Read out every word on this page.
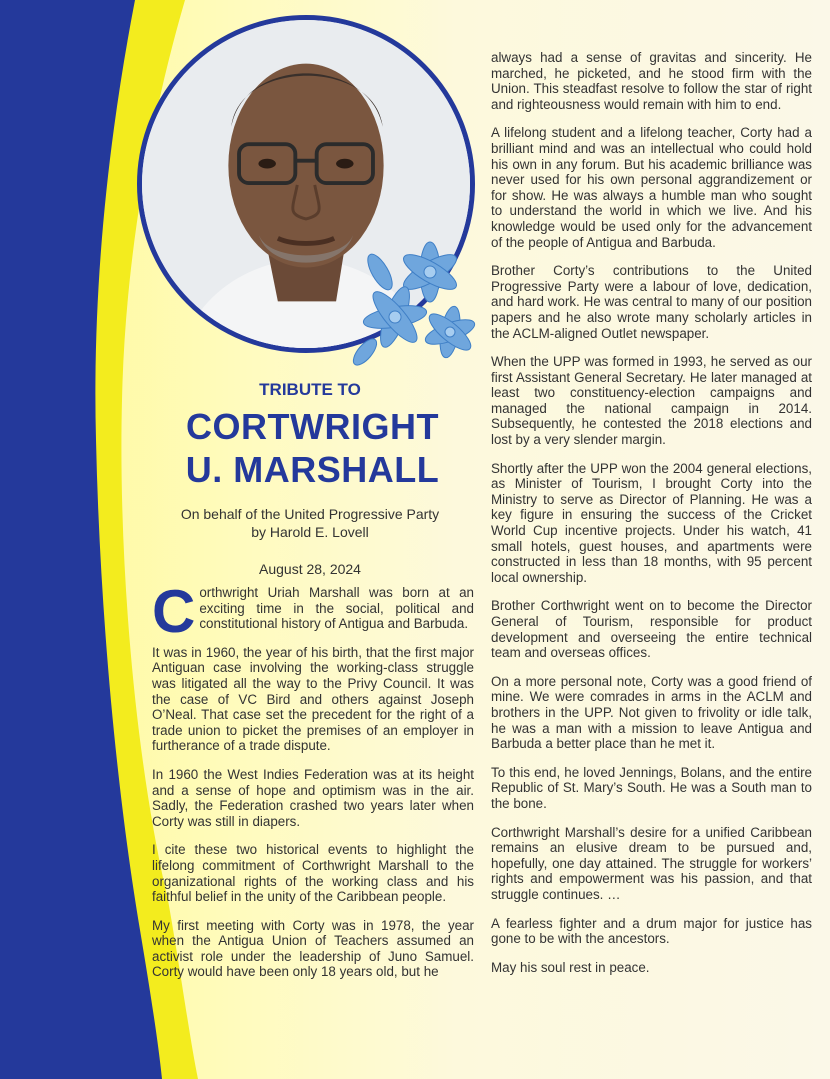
TRIBUTE TO
CORTWRIGHT
U. MARSHALL
On behalf of the United Progressive Party
by Harold E. Lovell
August 28, 2024

Corthwright Uriah Marshall was born at an exciting time in the social, political and constitutional history of Antigua and Barbuda.

It was in 1960, the year of his birth, that the first major Antiguan case involving the working-class struggle was litigated all the way to the Privy Council. It was the case of VC Bird and others against Joseph O’Neal. That case set the precedent for the right of a trade union to picket the premises of an employer in furtherance of a trade dispute.

In 1960 the West Indies Federation was at its height and a sense of hope and optimism was in the air. Sadly, the Federation crashed two years later when Corty was still in diapers.

I cite these two historical events to highlight the lifelong commitment of Corthwright Marshall to the organizational rights of the working class and his faithful belief in the unity of the Caribbean people.

My first meeting with Corty was in 1978, the year when the Antigua Union of Teachers assumed an activist role under the leadership of Juno Samuel. Corty would have been only 18 years old, but he

always had a sense of gravitas and sincerity. He marched, he picketed, and he stood firm with the Union. This steadfast resolve to follow the star of right and righteousness would remain with him to end.

A lifelong student and a lifelong teacher, Corty had a brilliant mind and was an intellectual who could hold his own in any forum. But his academic brilliance was never used for his own personal aggrandizement or for show. He was always a humble man who sought to understand the world in which we live. And his knowledge would be used only for the advancement of the people of Antigua and Barbuda.

Brother Corty’s contributions to the United Progressive Party were a labour of love, dedication, and hard work. He was central to many of our position papers and he also wrote many scholarly articles in the ACLM-aligned Outlet newspaper.

When the UPP was formed in 1993, he served as our first Assistant General Secretary. He later managed at least two constituency-election campaigns and managed the national campaign in 2014. Subsequently, he contested the 2018 elections and lost by a very slender margin.

Shortly after the UPP won the 2004 general elections, as Minister of Tourism, I brought Corty into the Ministry to serve as Director of Planning. He was a key figure in ensuring the success of the Cricket World Cup incentive projects. Under his watch, 41 small hotels, guest houses, and apartments were constructed in less than 18 months, with 95 percent local ownership.

Brother Corthwright went on to become the Director General of Tourism, responsible for product development and overseeing the entire technical team and overseas offices.

On a more personal note, Corty was a good friend of mine. We were comrades in arms in the ACLM and brothers in the UPP. Not given to frivolity or idle talk, he was a man with a mission to leave Antigua and Barbuda a better place than he met it.

To this end, he loved Jennings, Bolans, and the entire Republic of St. Mary’s South. He was a South man to the bone.

Corthwright Marshall’s desire for a unified Caribbean remains an elusive dream to be pursued and, hopefully, one day attained. The struggle for workers’ rights and empowerment was his passion, and that struggle continues. …

A fearless fighter and a drum major for justice has gone to be with the ancestors.

May his soul rest in peace.
